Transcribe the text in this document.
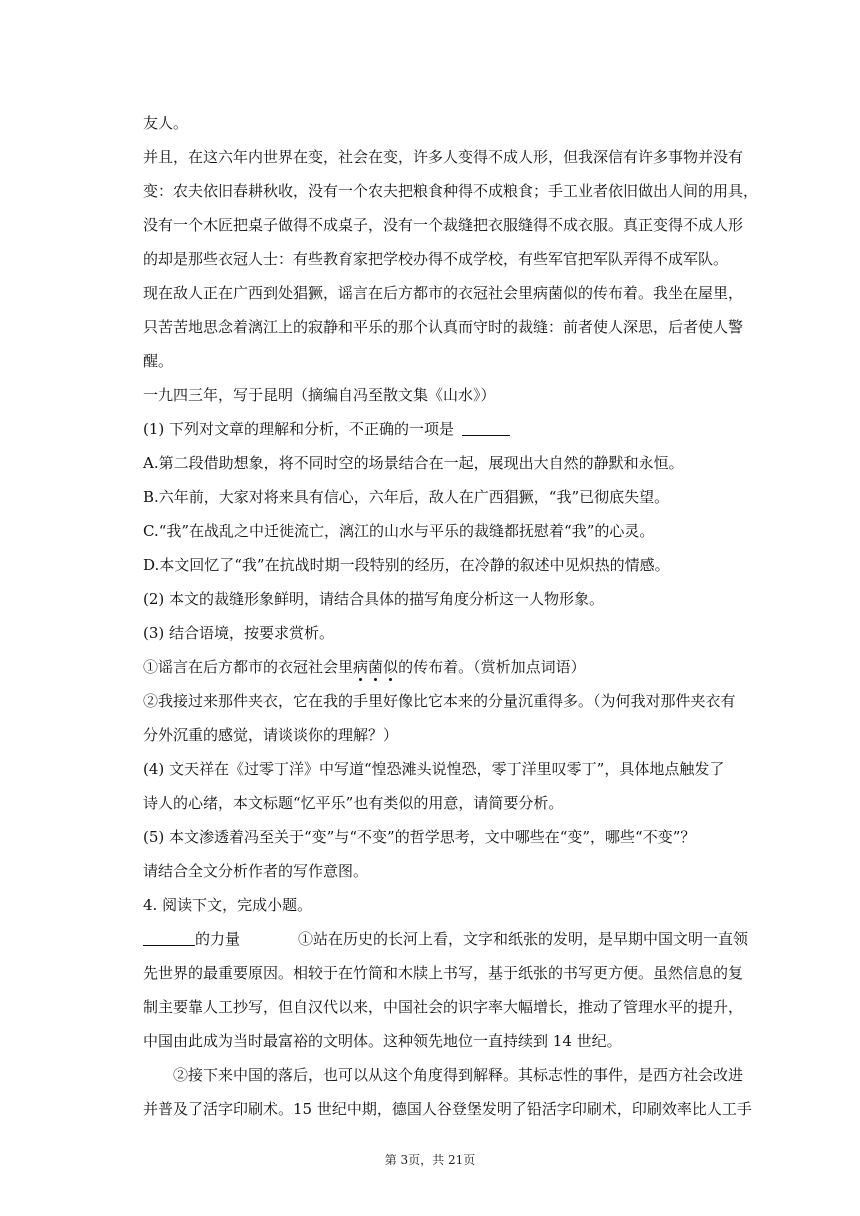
友人。
并且，在这六年内世界在变，社会在变，许多人变得不成人形，但我深信有许多事物并没有
变：农夫依旧春耕秋收，没有一个农夫把粮食种得不成粮食；手工业者依旧做出人间的用具，
没有一个木匠把桌子做得不成桌子，没有一个裁缝把衣服缝得不成衣服。真正变得不成人形
的却是那些衣冠人士：有些教育家把学校办得不成学校，有些军官把军队弄得不成军队。
现在敌人正在广西到处猖獗，谣言在后方都市的衣冠社会里病菌似的传布着。我坐在屋里，
只苦苦地思念着漓江上的寂静和平乐的那个认真而守时的裁缝：前者使人深思，后者使人警
醒。
一九四三年，写于昆明（摘编自冯至散文集《山水》）
(1) 下列对文章的理解和分析，不正确的一项是
A.第二段借助想象，将不同时空的场景结合在一起，展现出大自然的静默和永恒。
B.六年前，大家对将来具有信心，六年后，敌人在广西猖獗，“我”已彻底失望。
C.“我”在战乱之中迁徙流亡，漓江的山水与平乐的裁缝都抚慰着“我”的心灵。
D.本文回忆了“我”在抗战时期一段特别的经历，在冷静的叙述中见炽热的情感。
(2) 本文的裁缝形象鲜明，请结合具体的描写角度分析这一人物形象。
(3) 结合语境，按要求赏析。
①谣言在后方都市的衣冠社会里病菌似的传布着。（赏析加点词语）
②我接过来那件夹衣，它在我的手里好像比它本来的分量沉重得多。（为何我对那件夹衣有
分外沉重的感觉，请谈谈你的理解？）
(4) 文天祥在《过零丁洋》中写道“惶恐滩头说惶恐，零丁洋里叹零丁”，具体地点触发了
诗人的心绪，本文标题“忆平乐”也有类似的用意，请简要分析。
(5) 本文渗透着冯至关于“变”与“不变”的哲学思考，文中哪些在“变”，哪些“不变”？
请结合全文分析作者的写作意图。
4. 阅读下文，完成小题。
的力量	①站在历史的长河上看，文字和纸张的发明，是早期中国文明一直领
先世界的最重要原因。相较于在竹简和木牍上书写，基于纸张的书写更方便。虽然信息的复
制主要靠人工抄写，但自汉代以来，中国社会的识字率大幅增长，推动了管理水平的提升，
中国由此成为当时最富裕的文明体。这种领先地位一直持续到 14 世纪。
②接下来中国的落后，也可以从这个角度得到解释。其标志性的事件，是西方社会改进
并普及了活字印刷术。15 世纪中期，德国人谷登堡发明了铅活字印刷术，印刷效率比人工手
第 3页，共 21页
